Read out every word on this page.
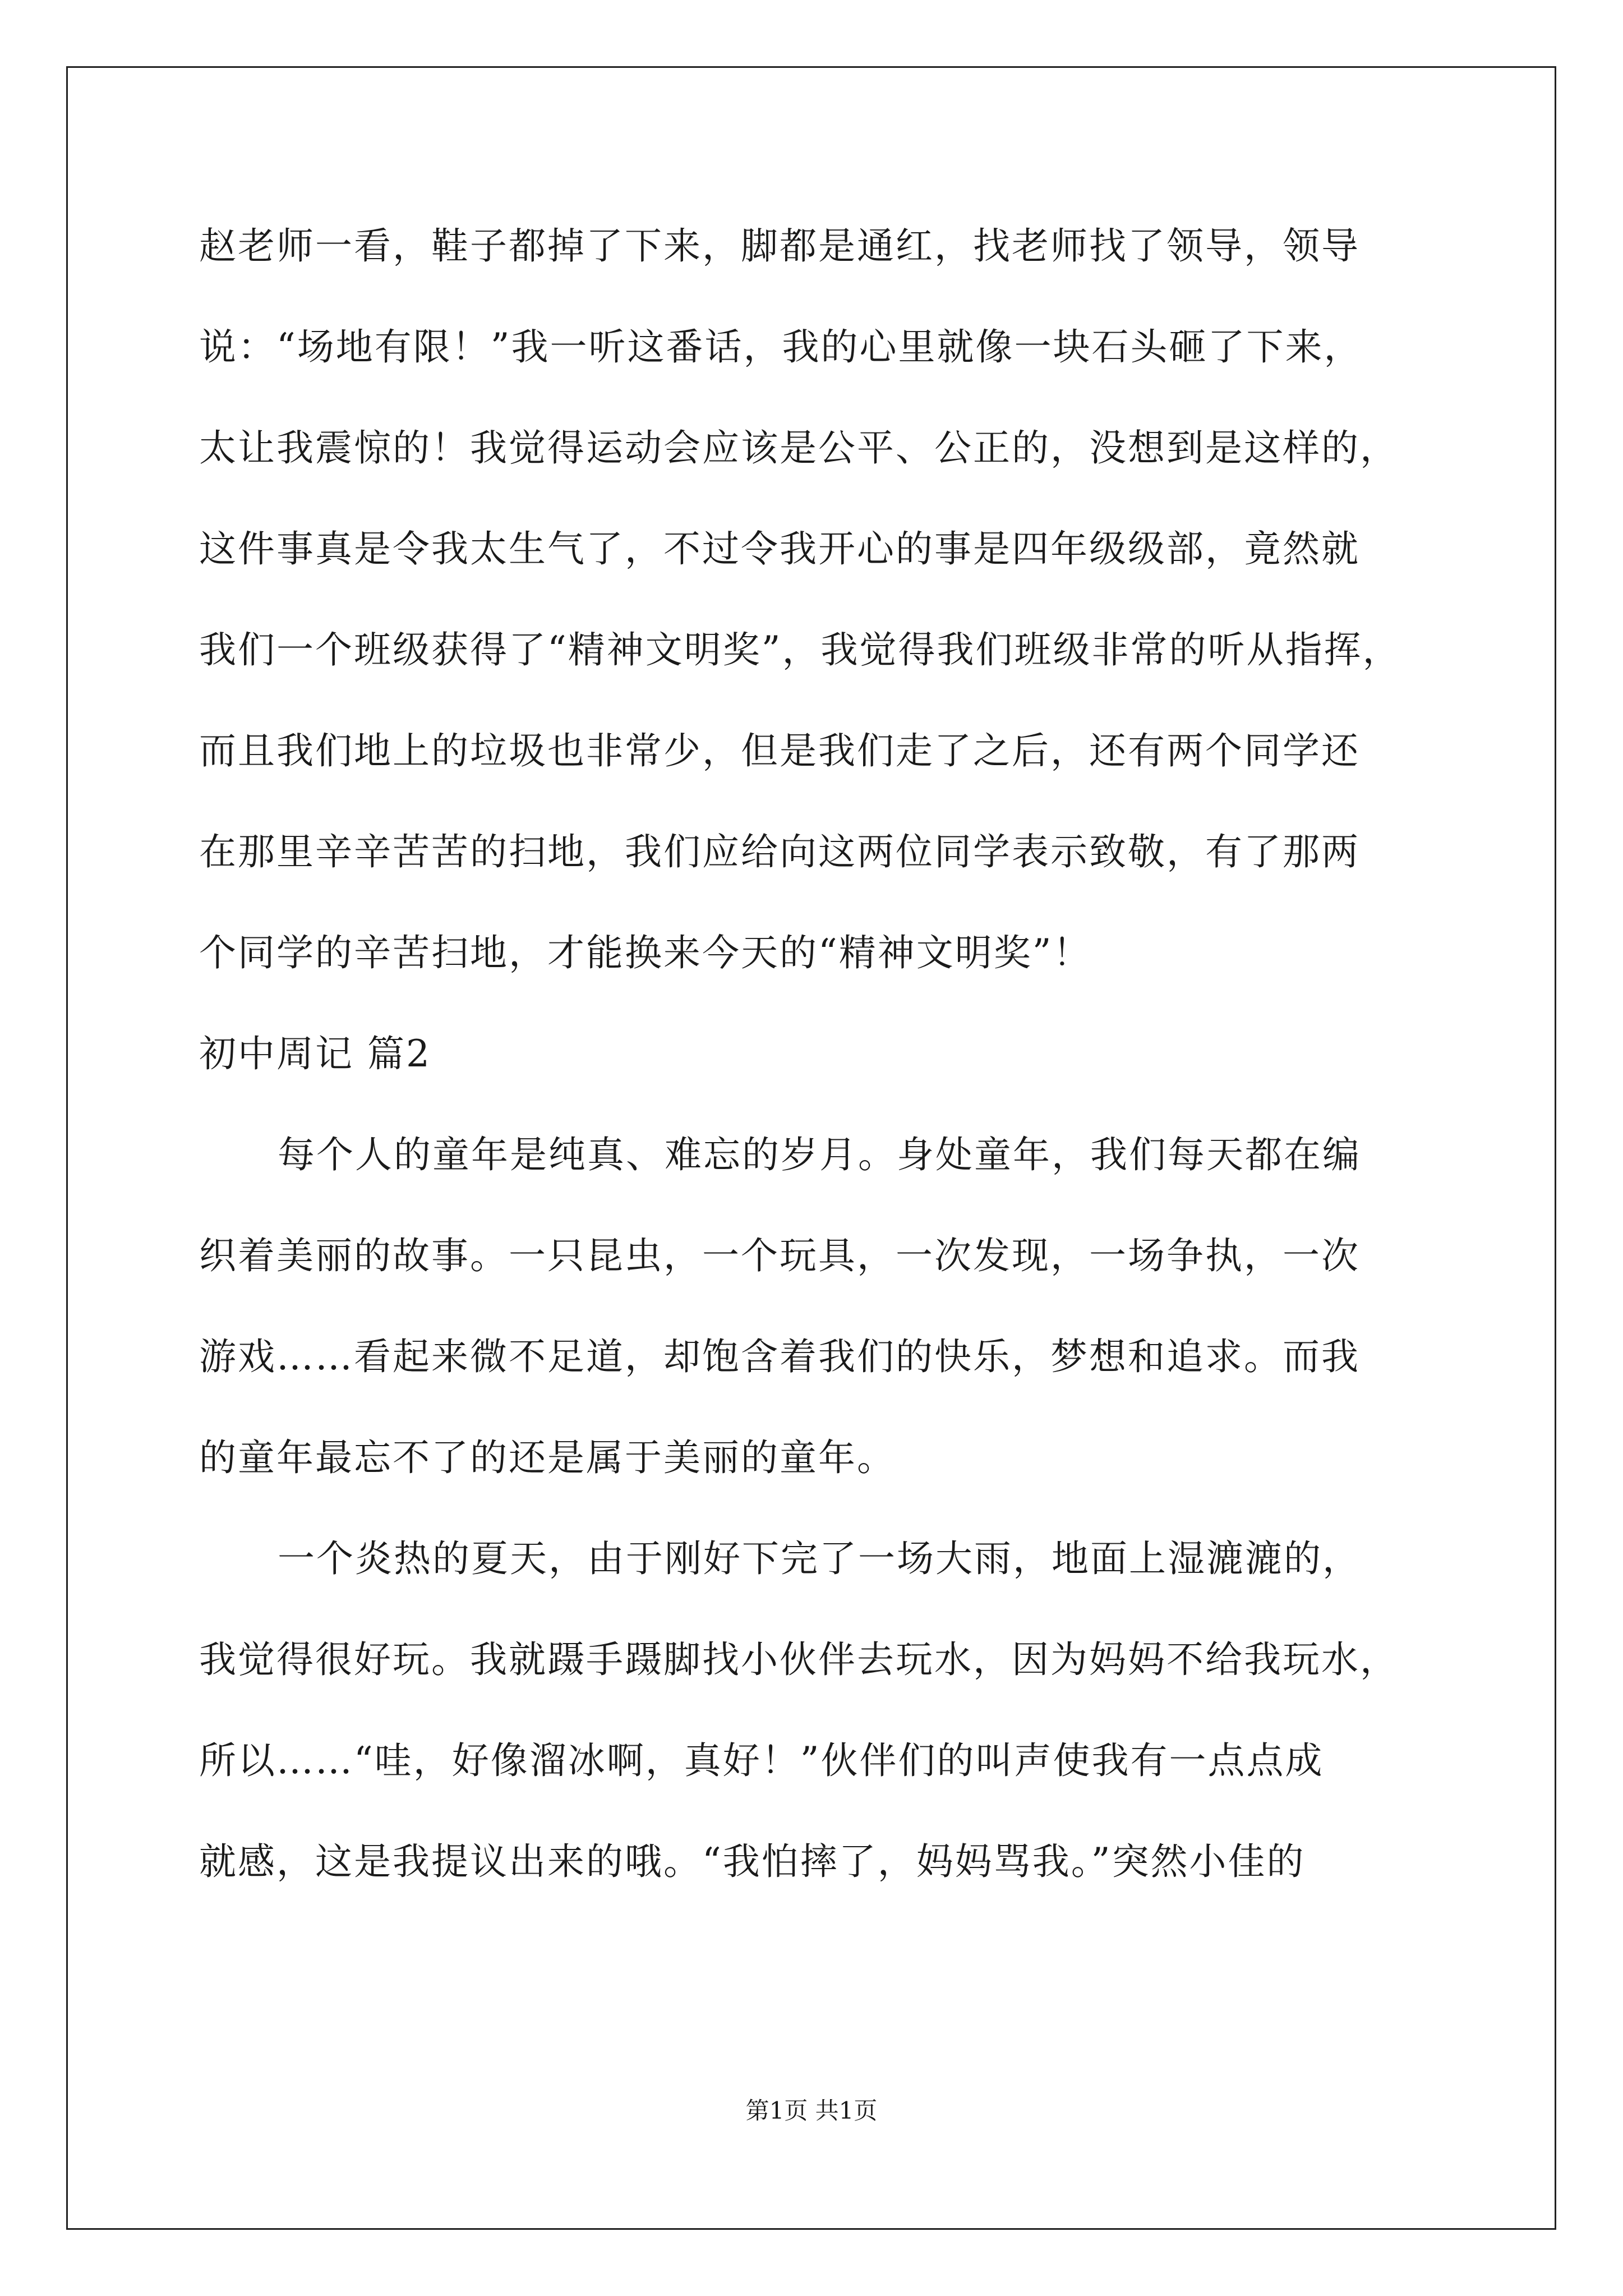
赵老师一看，鞋子都掉了下来，脚都是通红，找老师找了领导，领导
说：“场地有限！”我一听这番话，我的心里就像一块石头砸了下来，
太让我震惊的！我觉得运动会应该是公平、公正的，没想到是这样的，
这件事真是令我太生气了，不过令我开心的事是四年级级部，竟然就
我们一个班级获得了“精神文明奖”，我觉得我们班级非常的听从指挥，
而且我们地上的垃圾也非常少，但是我们走了之后，还有两个同学还
在那里辛辛苦苦的扫地，我们应给向这两位同学表示致敬，有了那两
个同学的辛苦扫地，才能换来今天的“精神文明奖”！
初中周记 篇2
每个人的童年是纯真、难忘的岁月。身处童年，我们每天都在编
织着美丽的故事。一只昆虫，一个玩具，一次发现，一场争执，一次
游戏……看起来微不足道，却饱含着我们的快乐，梦想和追求。而我
的童年最忘不了的还是属于美丽的童年。
一个炎热的夏天，由于刚好下完了一场大雨，地面上湿漉漉的，
我觉得很好玩。我就蹑手蹑脚找小伙伴去玩水，因为妈妈不给我玩水，
所以……“哇，好像溜冰啊，真好！”伙伴们的叫声使我有一点点成
就感，这是我提议出来的哦。“我怕摔了，妈妈骂我。”突然小佳的
第1页 共1页
